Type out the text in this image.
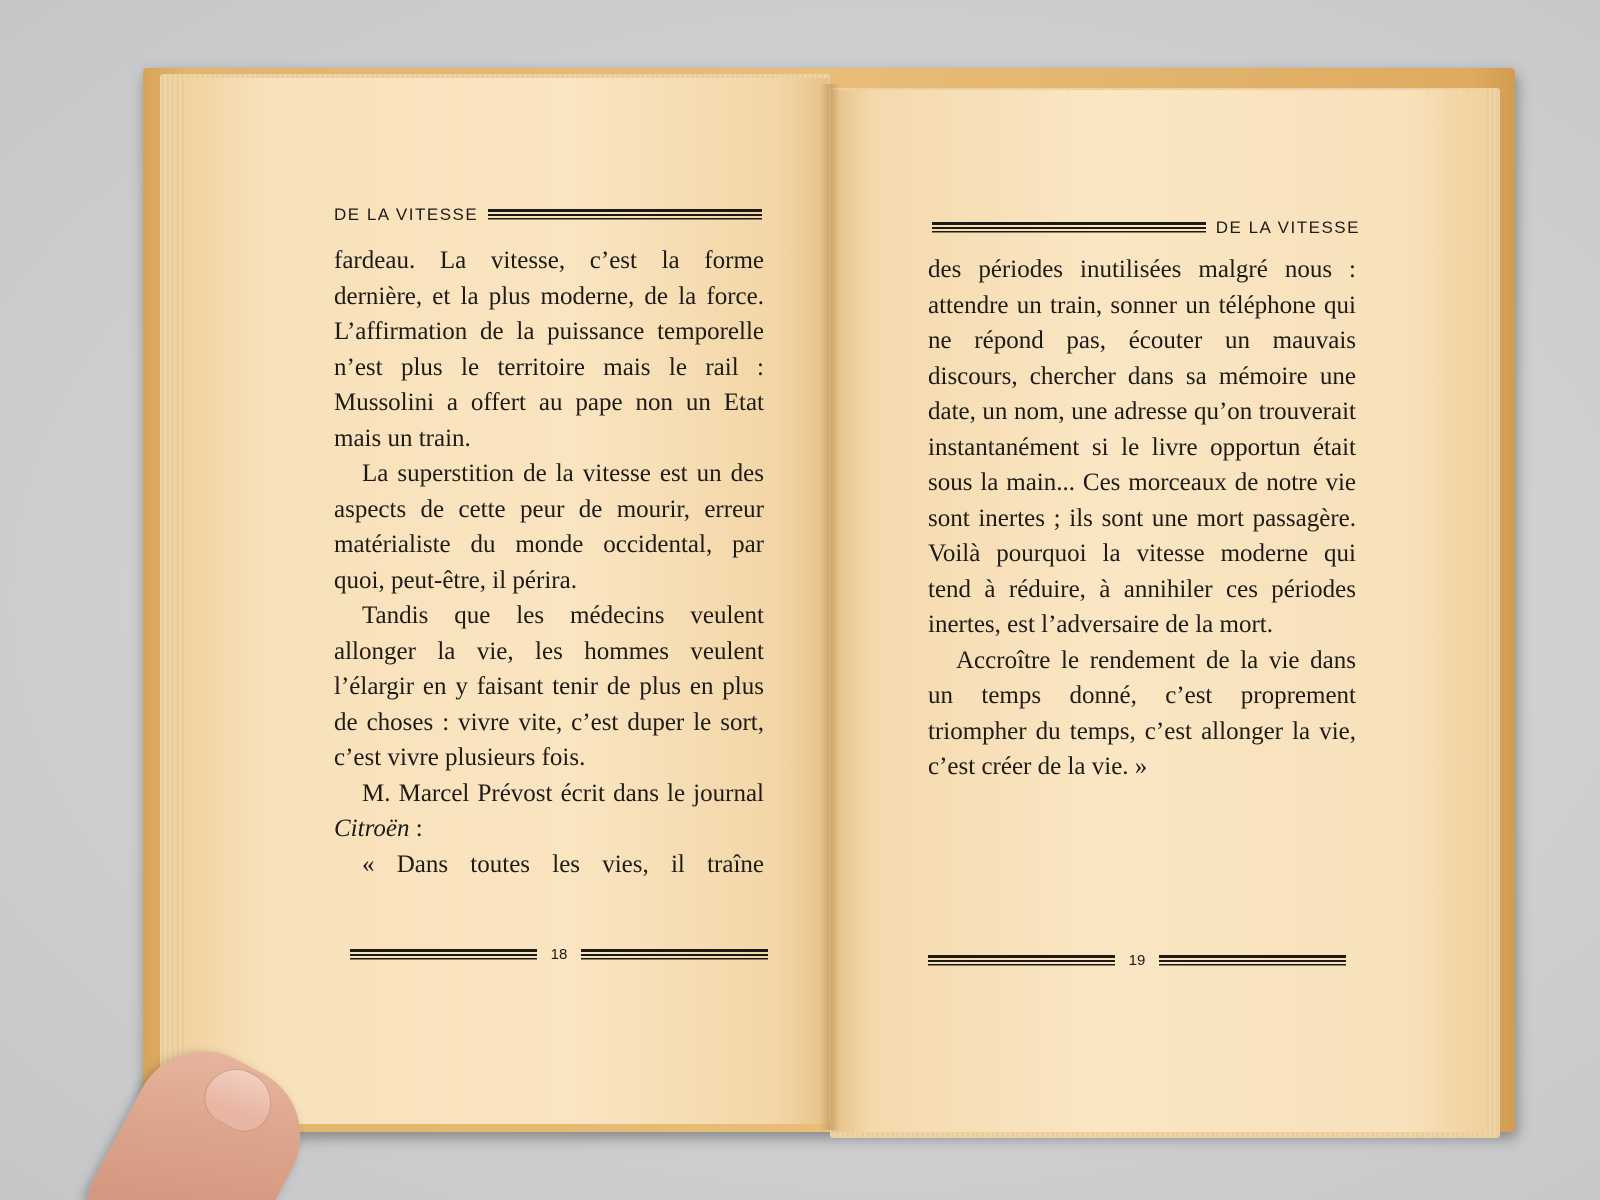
DE LA VITESSE

fardeau. La vitesse, c’est la forme dernière, et la plus moderne, de la force. L’affirmation de la puissance temporelle n’est plus le territoire mais le rail : Mussolini a offert au pape non un Etat mais un train.

La superstition de la vitesse est un des aspects de cette peur de mourir, erreur matérialiste du monde occidental, par quoi, peut-être, il périra.

Tandis que les médecins veulent allonger la vie, les hommes veulent l’élargir en y faisant tenir de plus en plus de choses : vivre vite, c’est duper le sort, c’est vivre plusieurs fois.

M. Marcel Prévost écrit dans le journal Citroën :

« Dans toutes les vies, il traîne

18
DE LA VITESSE

des périodes inutilisées malgré nous : attendre un train, sonner un téléphone qui ne répond pas, écouter un mauvais discours, chercher dans sa mémoire une date, un nom, une adresse qu’on trouverait instantanément si le livre opportun était sous la main... Ces morceaux de notre vie sont inertes ; ils sont une mort passagère. Voilà pourquoi la vitesse moderne qui tend à réduire, à annihiler ces périodes inertes, est l’adversaire de la mort.

Accroître le rendement de la vie dans un temps donné, c’est proprement triompher du temps, c’est allonger la vie, c’est créer de la vie. »

19
